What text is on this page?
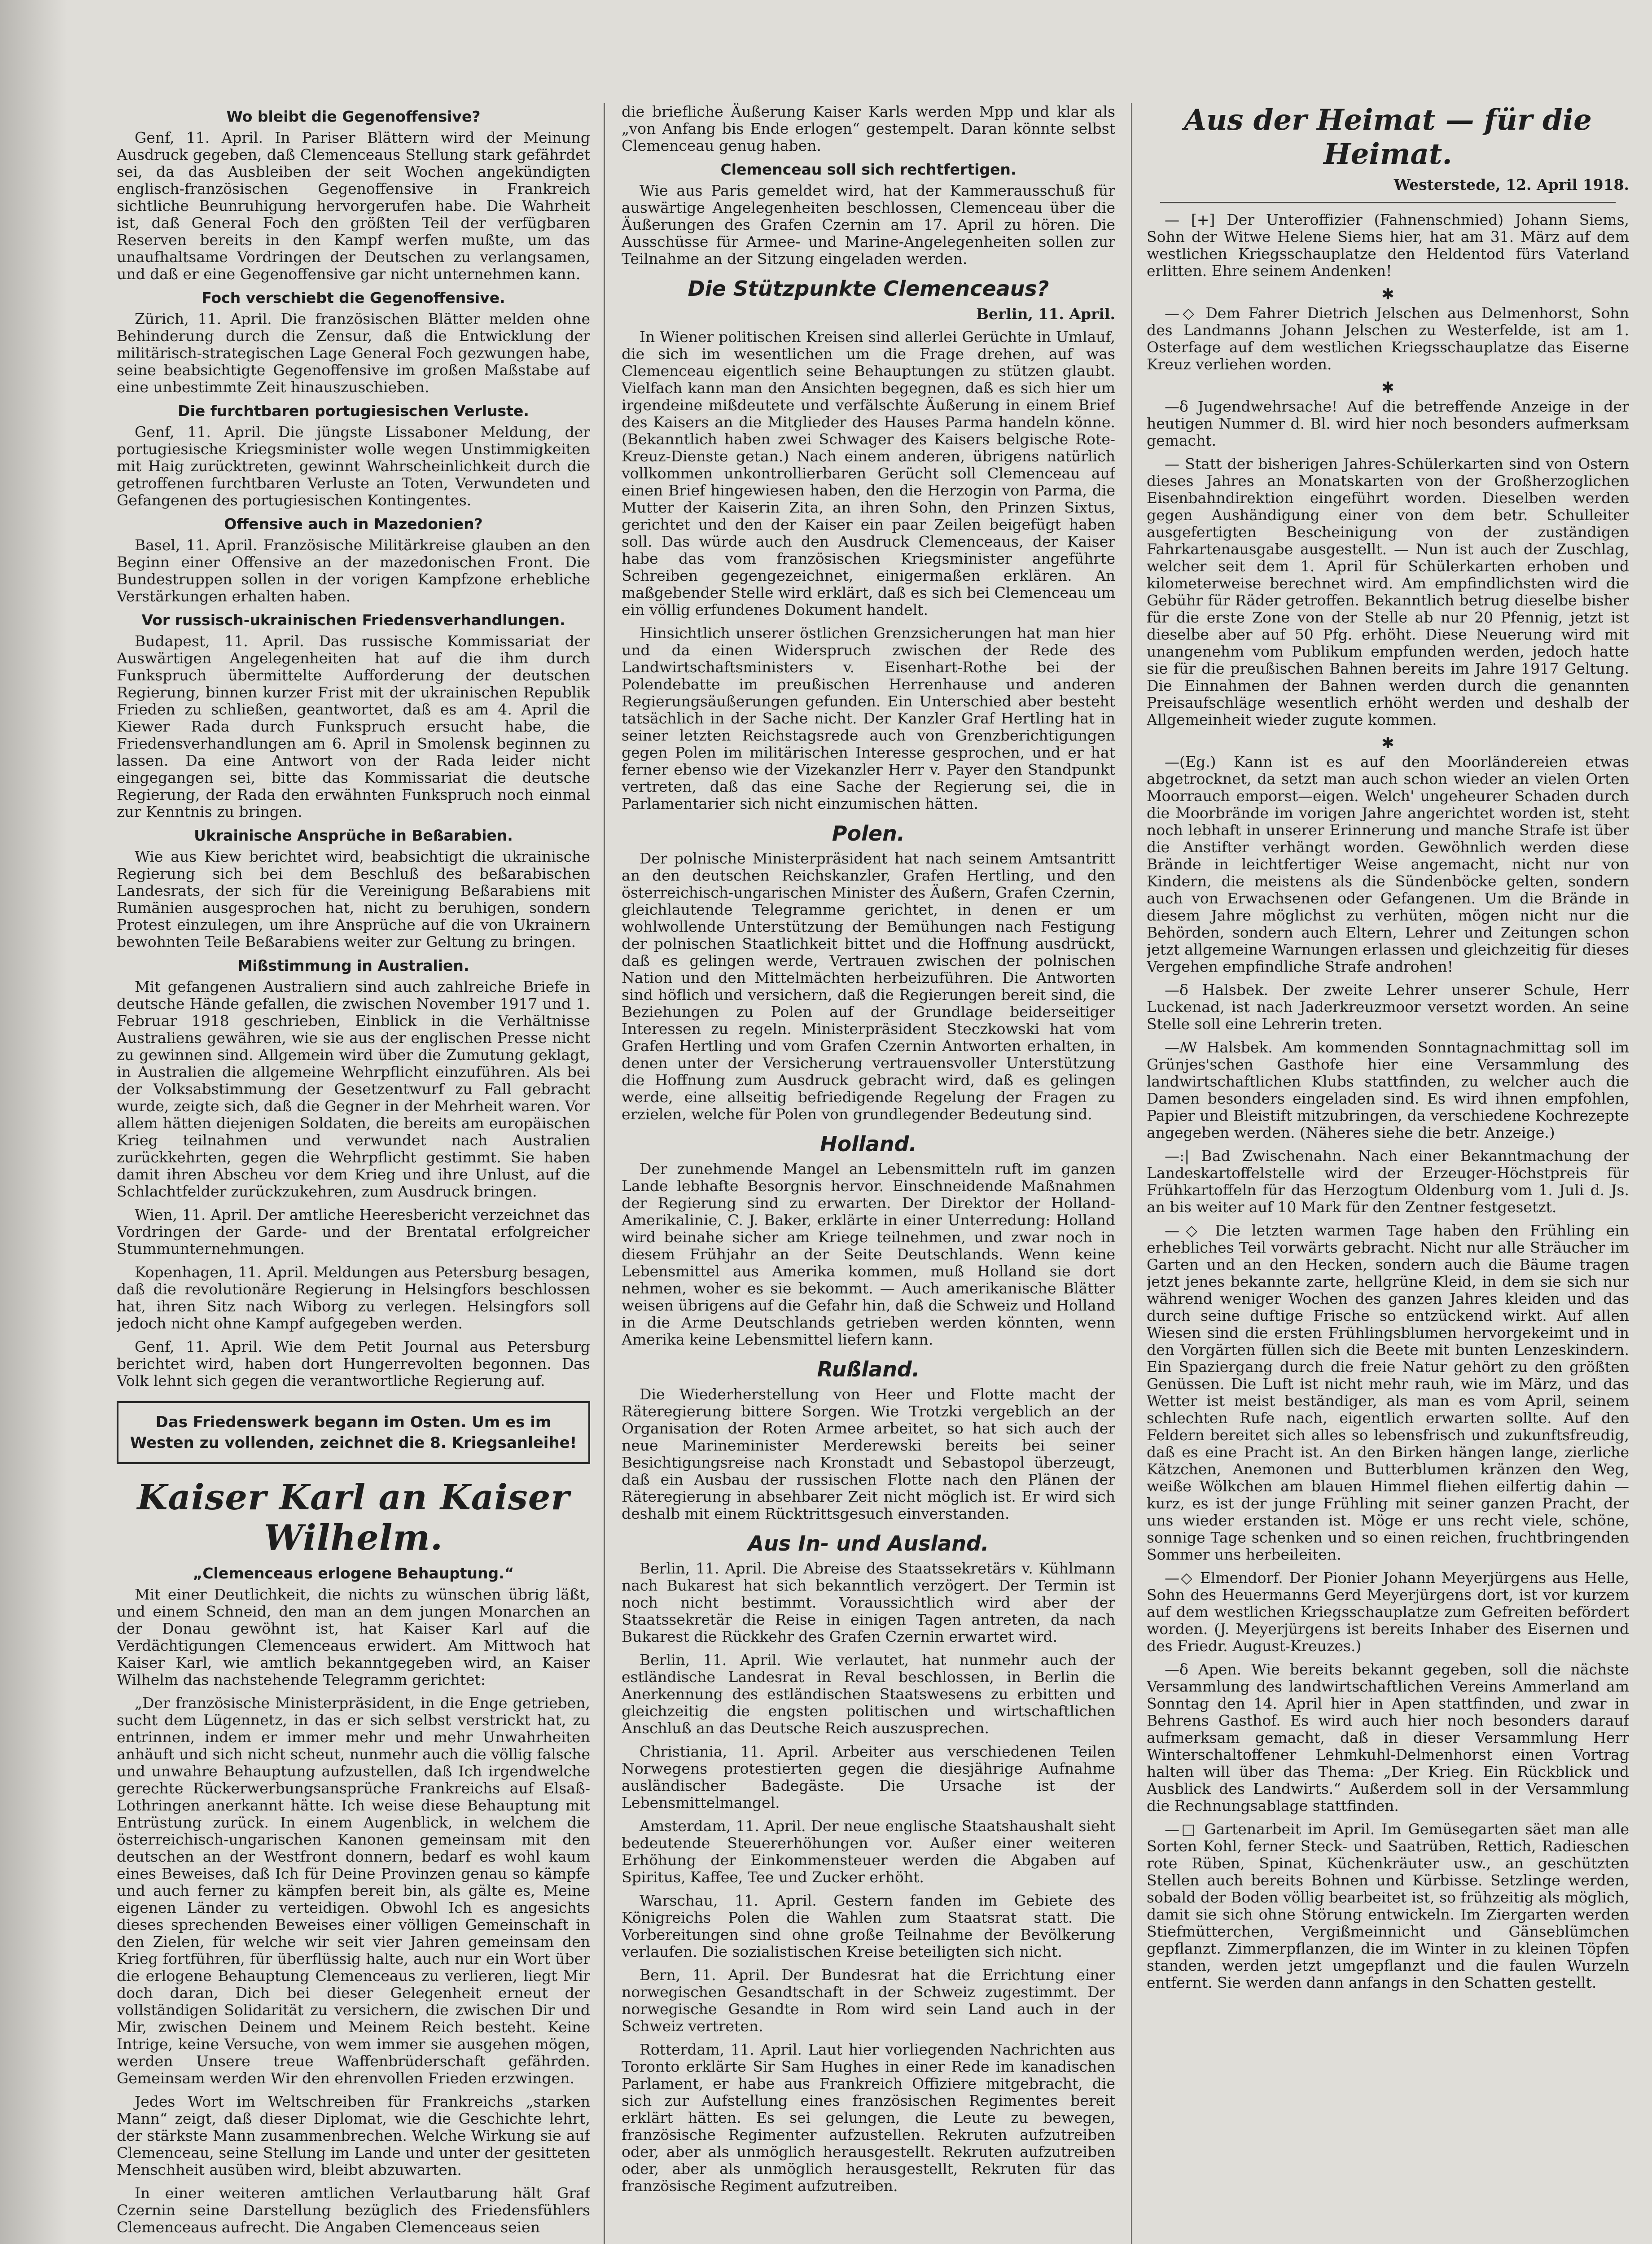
Wo bleibt die Gegenoffensive?

Genf, 11. April. In Pariser Blättern wird der Meinung Ausdruck gegeben, daß Clemenceaus Stellung stark gefährdet sei, da das Ausbleiben der seit Wochen angekündigten englisch-französischen Gegenoffensive in Frankreich sichtliche Beunruhigung hervorgerufen habe. Die Wahrheit ist, daß General Foch den größten Teil der verfügbaren Reserven bereits in den Kampf werfen mußte, um das unaufhaltsame Vordringen der Deutschen zu verlangsamen, und daß er eine Gegenoffensive gar nicht unternehmen kann.

Foch verschiebt die Gegenoffensive.

Zürich, 11. April. Die französischen Blätter melden ohne Behinderung durch die Zensur, daß die Entwicklung der militärisch-strategischen Lage General Foch gezwungen habe, seine beabsichtigte Gegenoffensive im großen Maßstabe auf eine unbestimmte Zeit hinauszuschieben.

Die furchtbaren portugiesischen Verluste.

Genf, 11. April. Die jüngste Lissaboner Meldung, der portugiesische Kriegsminister wolle wegen Unstimmigkeiten mit Haig zurücktreten, gewinnt Wahrscheinlichkeit durch die getroffenen furchtbaren Verluste an Toten, Verwundeten und Gefangenen des portugiesischen Kontingentes.

Offensive auch in Mazedonien?

Basel, 11. April. Französische Militärkreise glauben an den Beginn einer Offensive an der mazedonischen Front. Die Bundestruppen sollen in der vorigen Kampfzone erhebliche Verstärkungen erhalten haben.

Vor russisch-ukrainischen Friedensverhandlungen.

Budapest, 11. April. Das russische Kommissariat der Auswärtigen Angelegenheiten hat auf die ihm durch Funkspruch übermittelte Aufforderung der deutschen Regierung, binnen kurzer Frist mit der ukrainischen Republik Frieden zu schließen, geantwortet, daß es am 4. April die Kiewer Rada durch Funkspruch ersucht habe, die Friedensverhandlungen am 6. April in Smolensk beginnen zu lassen. Da eine Antwort von der Rada leider nicht eingegangen sei, bitte das Kommissariat die deutsche Regierung, der Rada den erwähnten Funkspruch noch einmal zur Kenntnis zu bringen.

Ukrainische Ansprüche in Beßarabien.

Wie aus Kiew berichtet wird, beabsichtigt die ukrainische Regierung sich bei dem Beschluß des beßarabischen Landesrats, der sich für die Vereinigung Beßarabiens mit Rumänien ausgesprochen hat, nicht zu beruhigen, sondern Protest einzulegen, um ihre Ansprüche auf die von Ukrainern bewohnten Teile Beßarabiens weiter zur Geltung zu bringen.

Mißstimmung in Australien.

Mit gefangenen Australiern sind auch zahlreiche Briefe in deutsche Hände gefallen, die zwischen November 1917 und 1. Februar 1918 geschrieben, Einblick in die Verhältnisse Australiens gewähren, wie sie aus der englischen Presse nicht zu gewinnen sind. Allgemein wird über die Zumutung geklagt, in Australien die allgemeine Wehrpflicht einzuführen. Als bei der Volksabstimmung der Gesetzentwurf zu Fall gebracht wurde, zeigte sich, daß die Gegner in der Mehrheit waren. Vor allem hätten diejenigen Soldaten, die bereits am europäischen Krieg teilnahmen und verwundet nach Australien zurückkehrten, gegen die Wehrpflicht gestimmt. Sie haben damit ihren Abscheu vor dem Krieg und ihre Unlust, auf die Schlachtfelder zurückzukehren, zum Ausdruck bringen.

Wien, 11. April. Der amtliche Heeresbericht verzeichnet das Vordringen der Garde- und der Brentatal erfolgreicher Stummunternehmungen.

Kopenhagen, 11. April. Meldungen aus Petersburg besagen, daß die revolutionäre Regierung in Helsingfors beschlossen hat, ihren Sitz nach Wiborg zu verlegen. Helsingfors soll jedoch nicht ohne Kampf aufgegeben werden.

Genf, 11. April. Wie dem Petit Journal aus Petersburg berichtet wird, haben dort Hungerrevolten begonnen. Das Volk lehnt sich gegen die verantwortliche Regierung auf.

Das Friedenswerk begann im Osten. Um es im Westen zu vollenden, zeichnet die 8. Kriegsanleihe!
Kaiser Karl an Kaiser Wilhelm.
„Clemenceaus erlogene Behauptung.“

Mit einer Deutlichkeit, die nichts zu wünschen übrig läßt, und einem Schneid, den man an dem jungen Monarchen an der Donau gewöhnt ist, hat Kaiser Karl auf die Verdächtigungen Clemenceaus erwidert. Am Mittwoch hat Kaiser Karl, wie amtlich bekanntgegeben wird, an Kaiser Wilhelm das nachstehende Telegramm gerichtet:

„Der französische Ministerpräsident, in die Enge getrieben, sucht dem Lügennetz, in das er sich selbst verstrickt hat, zu entrinnen, indem er immer mehr und mehr Unwahrheiten anhäuft und sich nicht scheut, nunmehr auch die völlig falsche und unwahre Behauptung aufzustellen, daß Ich irgendwelche gerechte Rückerwerbungsansprüche Frankreichs auf Elsaß-Lothringen anerkannt hätte. Ich weise diese Behauptung mit Entrüstung zurück. In einem Augenblick, in welchem die österreichisch-ungarischen Kanonen gemeinsam mit den deutschen an der Westfront donnern, bedarf es wohl kaum eines Beweises, daß Ich für Deine Provinzen genau so kämpfe und auch ferner zu kämpfen bereit bin, als gälte es, Meine eigenen Länder zu verteidigen. Obwohl Ich es angesichts dieses sprechenden Beweises einer völligen Gemeinschaft in den Zielen, für welche wir seit vier Jahren gemeinsam den Krieg fortführen, für überflüssig halte, auch nur ein Wort über die erlogene Behauptung Clemenceaus zu verlieren, liegt Mir doch daran, Dich bei dieser Gelegenheit erneut der vollständigen Solidarität zu versichern, die zwischen Dir und Mir, zwischen Deinem und Meinem Reich besteht. Keine Intrige, keine Versuche, von wem immer sie ausgehen mögen, werden Unsere treue Waffenbrüderschaft gefährden. Gemeinsam werden Wir den ehrenvollen Frieden erzwingen.

Jedes Wort im Weltschreiben für Frankreichs „starken Mann“ zeigt, daß dieser Diplomat, wie die Geschichte lehrt, der stärkste Mann zusammenbrechen. Welche Wirkung sie auf Clemenceau, seine Stellung im Lande und unter der gesitteten Menschheit ausüben wird, bleibt abzuwarten.

In einer weiteren amtlichen Verlautbarung hält Graf Czernin seine Darstellung bezüglich des Friedensfühlers Clemenceaus aufrecht. Die Angaben Clemenceaus seien

die briefliche Äußerung Kaiser Karls werden Mpp und klar als „von Anfang bis Ende erlogen“ gestempelt. Daran könnte selbst Clemenceau genug haben.

Clemenceau soll sich rechtfertigen.

Wie aus Paris gemeldet wird, hat der Kammerausschuß für auswärtige Angelegenheiten beschlossen, Clemenceau über die Äußerungen des Grafen Czernin am 17. April zu hören. Die Ausschüsse für Armee- und Marine-Angelegenheiten sollen zur Teilnahme an der Sitzung eingeladen werden.

Die Stützpunkte Clemenceaus?
Berlin, 11. April.

In Wiener politischen Kreisen sind allerlei Gerüchte in Umlauf, die sich im wesentlichen um die Frage drehen, auf was Clemenceau eigentlich seine Behauptungen zu stützen glaubt. Vielfach kann man den Ansichten begegnen, daß es sich hier um irgendeine mißdeutete und verfälschte Äußerung in einem Brief des Kaisers an die Mitglieder des Hauses Parma handeln könne. (Bekanntlich haben zwei Schwager des Kaisers belgische Rote-Kreuz-Dienste getan.) Nach einem anderen, übrigens natürlich vollkommen unkontrollierbaren Gerücht soll Clemenceau auf einen Brief hingewiesen haben, den die Herzogin von Parma, die Mutter der Kaiserin Zita, an ihren Sohn, den Prinzen Sixtus, gerichtet und den der Kaiser ein paar Zeilen beigefügt haben soll. Das würde auch den Ausdruck Clemenceaus, der Kaiser habe das vom französischen Kriegsminister angeführte Schreiben gegengezeichnet, einigermaßen erklären. An maßgebender Stelle wird erklärt, daß es sich bei Clemenceau um ein völlig erfundenes Dokument handelt.

Hinsichtlich unserer östlichen Grenzsicherungen hat man hier und da einen Widerspruch zwischen der Rede des Landwirtschaftsministers v. Eisenhart-Rothe bei der Polendebatte im preußischen Herrenhause und anderen Regierungsäußerungen gefunden. Ein Unterschied aber besteht tatsächlich in der Sache nicht. Der Kanzler Graf Hertling hat in seiner letzten Reichstagsrede auch von Grenzberichtigungen gegen Polen im militärischen Interesse gesprochen, und er hat ferner ebenso wie der Vizekanzler Herr v. Payer den Standpunkt vertreten, daß das eine Sache der Regierung sei, die in Parlamentarier sich nicht einzumischen hätten.

Polen.

Der polnische Ministerpräsident hat nach seinem Amtsantritt an den deutschen Reichskanzler, Grafen Hertling, und den österreichisch-ungarischen Minister des Äußern, Grafen Czernin, gleichlautende Telegramme gerichtet, in denen er um wohlwollende Unterstützung der Bemühungen nach Festigung der polnischen Staatlichkeit bittet und die Hoffnung ausdrückt, daß es gelingen werde, Vertrauen zwischen der polnischen Nation und den Mittelmächten herbeizuführen. Die Antworten sind höflich und versichern, daß die Regierungen bereit sind, die Beziehungen zu Polen auf der Grundlage beiderseitiger Interessen zu regeln. Ministerpräsident Steczkowski hat vom Grafen Hertling und vom Grafen Czernin Antworten erhalten, in denen unter der Versicherung vertrauensvoller Unterstützung die Hoffnung zum Ausdruck gebracht wird, daß es gelingen werde, eine allseitig befriedigende Regelung der Fragen zu erzielen, welche für Polen von grundlegender Bedeutung sind.

Holland.

Der zunehmende Mangel an Lebensmitteln ruft im ganzen Lande lebhafte Besorgnis hervor. Einschneidende Maßnahmen der Regierung sind zu erwarten. Der Direktor der Holland-Amerikalinie, C. J. Baker, erklärte in einer Unterredung: Holland wird beinahe sicher am Kriege teilnehmen, und zwar noch in diesem Frühjahr an der Seite Deutschlands. Wenn keine Lebensmittel aus Amerika kommen, muß Holland sie dort nehmen, woher es sie bekommt. — Auch amerikanische Blätter weisen übrigens auf die Gefahr hin, daß die Schweiz und Holland in die Arme Deutschlands getrieben werden könnten, wenn Amerika keine Lebensmittel liefern kann.

Rußland.

Die Wiederherstellung von Heer und Flotte macht der Räteregierung bittere Sorgen. Wie Trotzki vergeblich an der Organisation der Roten Armee arbeitet, so hat sich auch der neue Marineminister Merderewski bereits bei seiner Besichtigungsreise nach Kronstadt und Sebastopol überzeugt, daß ein Ausbau der russischen Flotte nach den Plänen der Räteregierung in absehbarer Zeit nicht möglich ist. Er wird sich deshalb mit einem Rücktrittsgesuch einverstanden.

Aus In- und Ausland.

Berlin, 11. April. Die Abreise des Staatssekretärs v. Kühlmann nach Bukarest hat sich bekanntlich verzögert. Der Termin ist noch nicht bestimmt. Voraussichtlich wird aber der Staatssekretär die Reise in einigen Tagen antreten, da nach Bukarest die Rückkehr des Grafen Czernin erwartet wird.

Berlin, 11. April. Wie verlautet, hat nunmehr auch der estländische Landesrat in Reval beschlossen, in Berlin die Anerkennung des estländischen Staatswesens zu erbitten und gleichzeitig die engsten politischen und wirtschaftlichen Anschluß an das Deutsche Reich auszusprechen.

Christiania, 11. April. Arbeiter aus verschiedenen Teilen Norwegens protestierten gegen die diesjährige Aufnahme ausländischer Badegäste. Die Ursache ist der Lebensmittelmangel.

Amsterdam, 11. April. Der neue englische Staatshaushalt sieht bedeutende Steuererhöhungen vor. Außer einer weiteren Erhöhung der Einkommensteuer werden die Abgaben auf Spiritus, Kaffee, Tee und Zucker erhöht.

Warschau, 11. April. Gestern fanden im Gebiete des Königreichs Polen die Wahlen zum Staatsrat statt. Die Vorbereitungen sind ohne große Teilnahme der Bevölkerung verlaufen. Die sozialistischen Kreise beteiligten sich nicht.

Bern, 11. April. Der Bundesrat hat die Errichtung einer norwegischen Gesandtschaft in der Schweiz zugestimmt. Der norwegische Gesandte in Rom wird sein Land auch in der Schweiz vertreten.

Rotterdam, 11. April. Laut hier vorliegenden Nachrichten aus Toronto erklärte Sir Sam Hughes in einer Rede im kanadischen Parlament, er habe aus Frankreich Offiziere mitgebracht, die sich zur Aufstellung eines französischen Regimentes bereit erklärt hätten. Es sei gelungen, die Leute zu bewegen, französische Regimenter aufzustellen. Rekruten aufzutreiben oder, aber als unmöglich herausgestellt. Rekruten aufzutreiben oder, aber als unmöglich herausgestellt, Rekruten für das französische Regiment aufzutreiben.

Aus der Heimat — für die Heimat.
Westerstede, 12. April 1918.

— [+] Der Unteroffizier (Fahnenschmied) Johann Siems, Sohn der Witwe Helene Siems hier, hat am 31. März auf dem westlichen Kriegsschauplatze den Heldentod fürs Vaterland erlitten. Ehre seinem Andenken!

✱

—◇ Dem Fahrer Dietrich Jelschen aus Delmenhorst, Sohn des Landmanns Johann Jelschen zu Westerfelde, ist am 1. Osterfage auf dem westlichen Kriegsschauplatze das Eiserne Kreuz verliehen worden.

✱

—δ Jugendwehrsache! Auf die betreffende Anzeige in der heutigen Nummer d. Bl. wird hier noch besonders aufmerksam gemacht.

— Statt der bisherigen Jahres-Schülerkarten sind von Ostern dieses Jahres an Monatskarten von der Großherzoglichen Eisenbahndirektion eingeführt worden. Dieselben werden gegen Aushändigung einer von dem betr. Schulleiter ausgefertigten Bescheinigung von der zuständigen Fahrkartenausgabe ausgestellt. — Nun ist auch der Zuschlag, welcher seit dem 1. April für Schülerkarten erhoben und kilometerweise berechnet wird. Am empfindlichsten wird die Gebühr für Räder getroffen. Bekanntlich betrug dieselbe bisher für die erste Zone von der Stelle ab nur 20 Pfennig, jetzt ist dieselbe aber auf 50 Pfg. erhöht. Diese Neuerung wird mit unangenehm vom Publikum empfunden werden, jedoch hatte sie für die preußischen Bahnen bereits im Jahre 1917 Geltung. Die Einnahmen der Bahnen werden durch die genannten Preisaufschläge wesentlich erhöht werden und deshalb der Allgemeinheit wieder zugute kommen.

✱

—(Eg.) Kann ist es auf den Moorländereien etwas abgetrocknet, da setzt man auch schon wieder an vielen Orten Moorrauch emporst—eigen. Welch' ungeheurer Schaden durch die Moorbrände im vorigen Jahre angerichtet worden ist, steht noch lebhaft in unserer Erinnerung und manche Strafe ist über die Anstifter verhängt worden. Gewöhnlich werden diese Brände in leichtfertiger Weise angemacht, nicht nur von Kindern, die meistens als die Sündenböcke gelten, sondern auch von Erwachsenen oder Gefangenen. Um die Brände in diesem Jahre möglichst zu verhüten, mögen nicht nur die Behörden, sondern auch Eltern, Lehrer und Zeitungen schon jetzt allgemeine Warnungen erlassen und gleichzeitig für dieses Vergehen empfindliche Strafe androhen!

—δ Halsbek. Der zweite Lehrer unserer Schule, Herr Luckenad, ist nach Jaderkreuzmoor versetzt worden. An seine Stelle soll eine Lehrerin treten.

—ꟿ Halsbek. Am kommenden Sonntagnachmittag soll im Grünjes'schen Gasthofe hier eine Versammlung des landwirtschaftlichen Klubs stattfinden, zu welcher auch die Damen besonders eingeladen sind. Es wird ihnen empfohlen, Papier und Bleistift mitzubringen, da verschiedene Kochrezepte angegeben werden. (Näheres siehe die betr. Anzeige.)

—:| Bad Zwischenahn. Nach einer Bekanntmachung der Landeskartoffelstelle wird der Erzeuger-Höchstpreis für Frühkartoffeln für das Herzogtum Oldenburg vom 1. Juli d. Js. an bis weiter auf 10 Mark für den Zentner festgesetzt.

—◇ Die letzten warmen Tage haben den Frühling ein erhebliches Teil vorwärts gebracht. Nicht nur alle Sträucher im Garten und an den Hecken, sondern auch die Bäume tragen jetzt jenes bekannte zarte, hellgrüne Kleid, in dem sie sich nur während weniger Wochen des ganzen Jahres kleiden und das durch seine duftige Frische so entzückend wirkt. Auf allen Wiesen sind die ersten Frühlingsblumen hervorgekeimt und in den Vorgärten füllen sich die Beete mit bunten Lenzeskindern. Ein Spaziergang durch die freie Natur gehört zu den größten Genüssen. Die Luft ist nicht mehr rauh, wie im März, und das Wetter ist meist beständiger, als man es vom April, seinem schlechten Rufe nach, eigentlich erwarten sollte. Auf den Feldern bereitet sich alles so lebensfrisch und zukunftsfreudig, daß es eine Pracht ist. An den Birken hängen lange, zierliche Kätzchen, Anemonen und Butterblumen kränzen den Weg, weiße Wölkchen am blauen Himmel fliehen eilfertig dahin — kurz, es ist der junge Frühling mit seiner ganzen Pracht, der uns wieder erstanden ist. Möge er uns recht viele, schöne, sonnige Tage schenken und so einen reichen, fruchtbringenden Sommer uns herbeileiten.

—◇ Elmendorf. Der Pionier Johann Meyerjürgens aus Helle, Sohn des Heuermanns Gerd Meyerjürgens dort, ist vor kurzem auf dem westlichen Kriegsschauplatze zum Gefreiten befördert worden. (J. Meyerjürgens ist bereits Inhaber des Eisernen und des Friedr. August-Kreuzes.)

—δ Apen. Wie bereits bekannt gegeben, soll die nächste Versammlung des landwirtschaftlichen Vereins Ammerland am Sonntag den 14. April hier in Apen stattfinden, und zwar in Behrens Gasthof. Es wird auch hier noch besonders darauf aufmerksam gemacht, daß in dieser Versammlung Herr Winterschaltoffener Lehmkuhl-Delmenhorst einen Vortrag halten will über das Thema: „Der Krieg. Ein Rückblick und Ausblick des Landwirts.“ Außerdem soll in der Versammlung die Rechnungsablage stattfinden.

—□ Gartenarbeit im April. Im Gemüsegarten säet man alle Sorten Kohl, ferner Steck- und Saatrüben, Rettich, Radieschen rote Rüben, Spinat, Küchenkräuter usw., an geschützten Stellen auch bereits Bohnen und Kürbisse. Setzlinge werden, sobald der Boden völlig bearbeitet ist, so frühzeitig als möglich, damit sie sich ohne Störung entwickeln. Im Ziergarten werden Stiefmütterchen, Vergißmeinnicht und Gänseblümchen gepflanzt. Zimmerpflanzen, die im Winter in zu kleinen Töpfen standen, werden jetzt umgepflanzt und die faulen Wurzeln entfernt. Sie werden dann anfangs in den Schatten gestellt.
